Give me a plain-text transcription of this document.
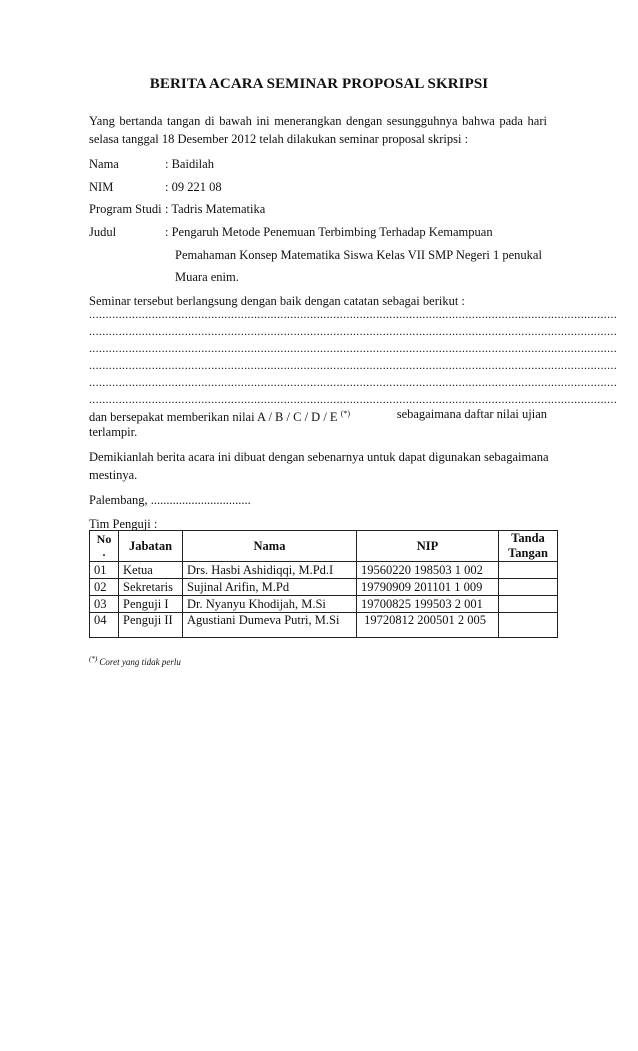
BERITA ACARA SEMINAR PROPOSAL SKRIPSI
Yang bertanda tangan di bawah ini menerangkan dengan sesungguhnya bahwa pada hari
selasa tanggal 18 Desember 2012 telah dilakukan seminar proposal skripsi :
Nama	: Baidilah
NIM	: 09 221 08
Program Studi : Tadris Matematika
Judul	: Pengaruh Metode Penemuan Terbimbing Terhadap Kemampuan
Pemahaman Konsep Matematika Siswa Kelas VII SMP Negeri 1 penukal
Muara enim.
Seminar tersebut berlangsung dengan baik dengan catatan sebagai berikut :
................................................................................................................................................................
................................................................................................................................................................
................................................................................................................................................................
................................................................................................................................................................
................................................................................................................................................................
................................................................................................................................................................
dan bersepakat memberikan nilai A / B / C / D / E (*)	sebagaimana daftar nilai ujian
terlampir.
Demikianlah berita acara ini dibuat dengan sebenarnya untuk dapat digunakan sebagaimana
mestinya.
Palembang, ................................
Tim Penguji :
No
.	Jabatan	Nama	NIP	Tanda
Tangan
01	Ketua	Drs. Hasbi Ashidiqqi, M.Pd.I	19560220 198503 1 002	
02	Sekretaris	Sujinal Arifin, M.Pd	19790909 201101 1 009	
03	Penguji I	Dr. Nyanyu Khodijah, M.Si	19700825 199503 2 001	
04	Penguji II	Agustiani Dumeva Putri, M.Si	19720812 200501 2 005	
(*) Coret yang tidak perlu
